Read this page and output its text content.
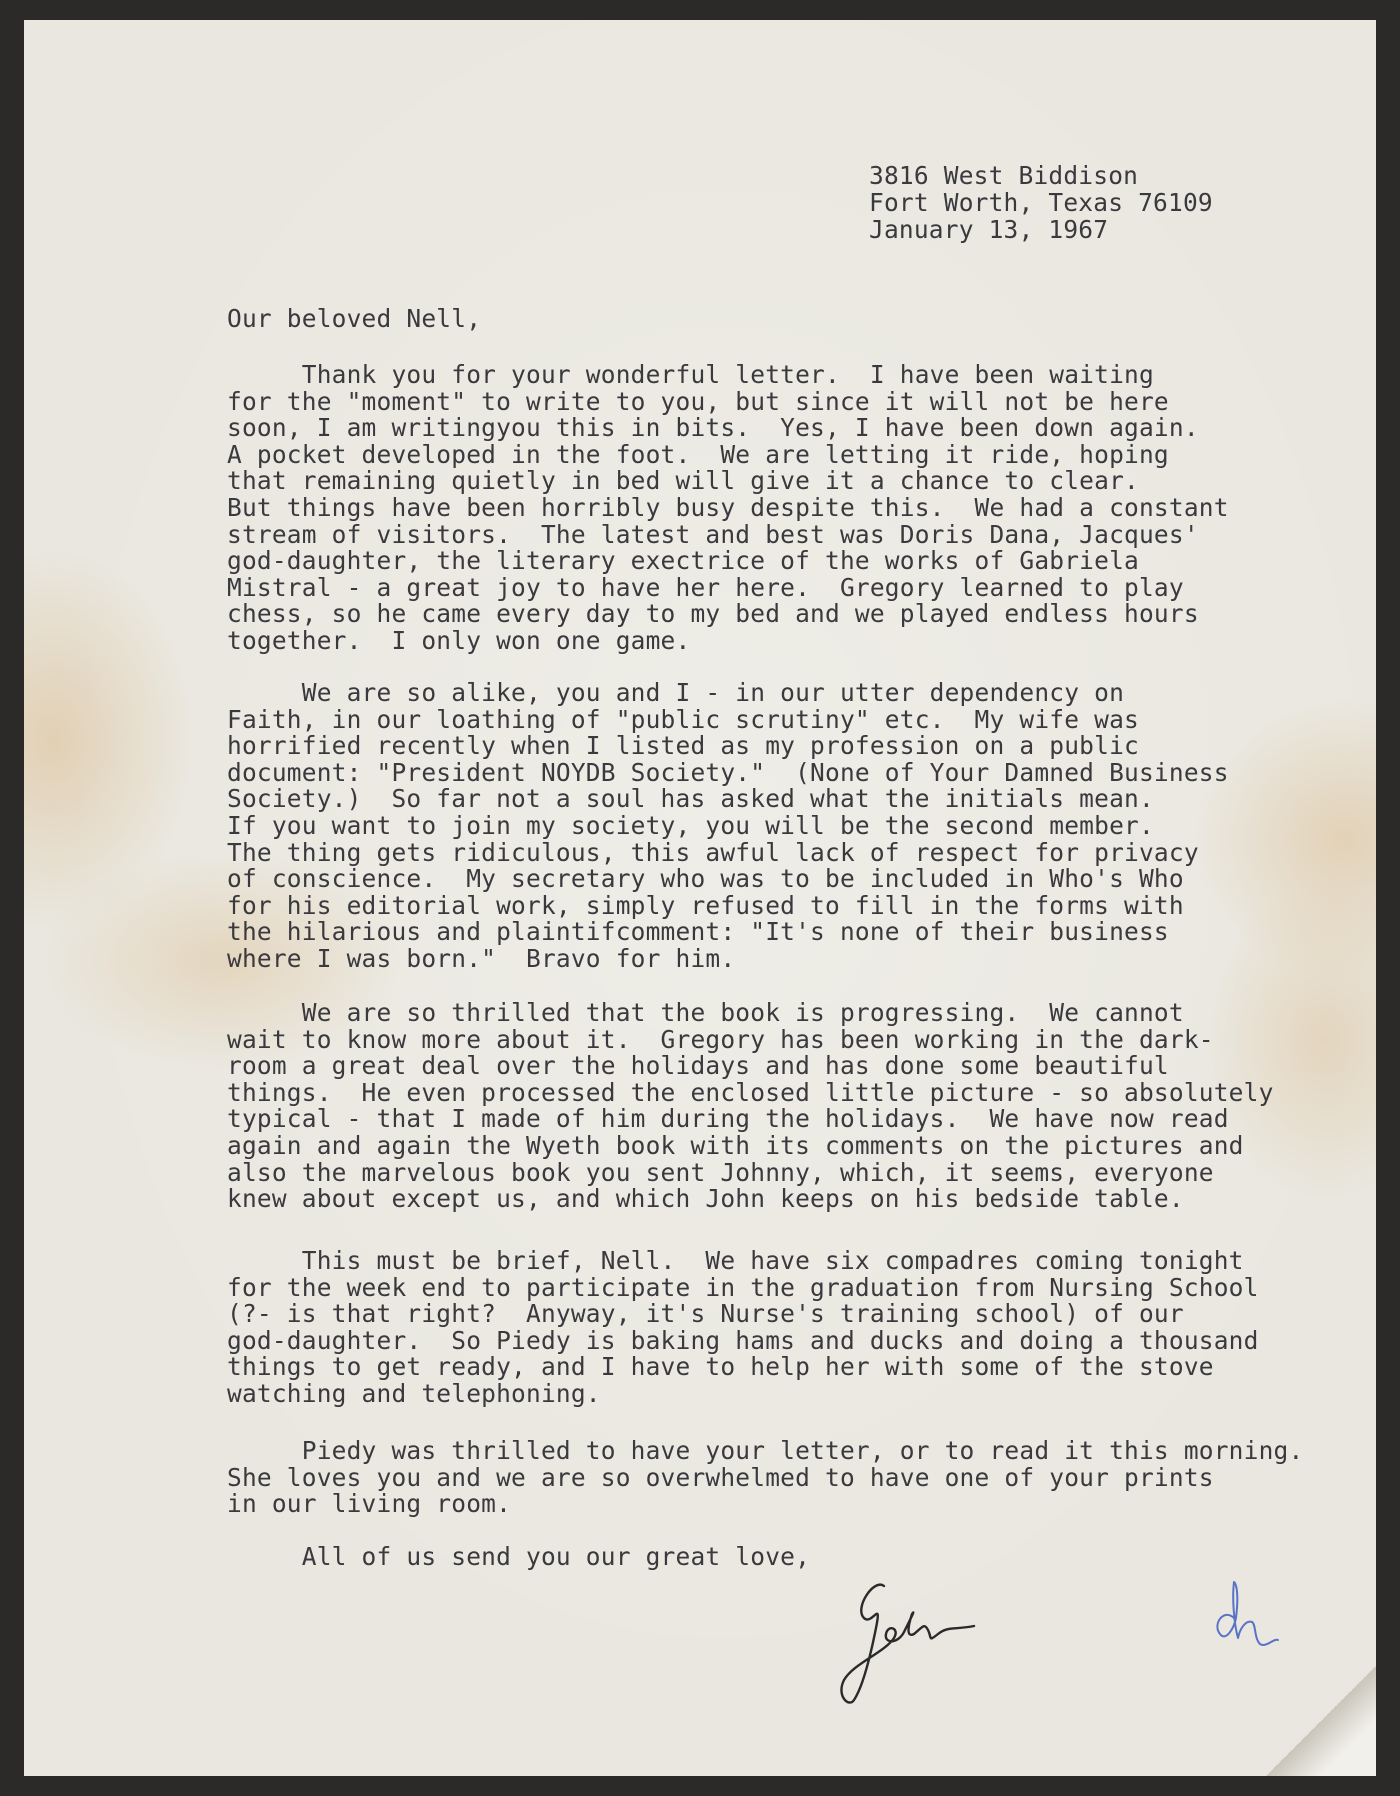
3816 West Biddison
Fort Worth, Texas 76109
January 13, 1967
Our beloved Nell,
Thank you for your wonderful letter.  I have been waiting
for the "moment" to write to you, but since it will not be here
soon, I am writingyou this in bits.  Yes, I have been down again.
A pocket developed in the foot.  We are letting it ride, hoping
that remaining quietly in bed will give it a chance to clear.
But things have been horribly busy despite this.  We had a constant
stream of visitors.  The latest and best was Doris Dana, Jacques'
god-daughter, the literary exectrice of the works of Gabriela
Mistral - a great joy to have her here.  Gregory learned to play
chess, so he came every day to my bed and we played endless hours
together.  I only won one game.
We are so alike, you and I - in our utter dependency on
Faith, in our loathing of "public scrutiny" etc.  My wife was
horrified recently when I listed as my profession on a public
document: "President NOYDB Society."  (None of Your Damned Business
Society.)  So far not a soul has asked what the initials mean.
If you want to join my society, you will be the second member.
The thing gets ridiculous, this awful lack of respect for privacy
of conscience.  My secretary who was to be included in Who's Who
for his editorial work, simply refused to fill in the forms with
the hilarious and plaintifcomment: "It's none of their business
where I was born."  Bravo for him.
We are so thrilled that the book is progressing.  We cannot
wait to know more about it.  Gregory has been working in the dark-
room a great deal over the holidays and has done some beautiful
things.  He even processed the enclosed little picture - so absolutely
typical - that I made of him during the holidays.  We have now read
again and again the Wyeth book with its comments on the pictures and
also the marvelous book you sent Johnny, which, it seems, everyone
knew about except us, and which John keeps on his bedside table.
This must be brief, Nell.  We have six compadres coming tonight
for the week end to participate in the graduation from Nursing School
(?- is that right?  Anyway, it's Nurse's training school) of our
god-daughter.  So Piedy is baking hams and ducks and doing a thousand
things to get ready, and I have to help her with some of the stove
watching and telephoning.
Piedy was thrilled to have your letter, or to read it this morning.
She loves you and we are so overwhelmed to have one of your prints
in our living room.
All of us send you our great love,
